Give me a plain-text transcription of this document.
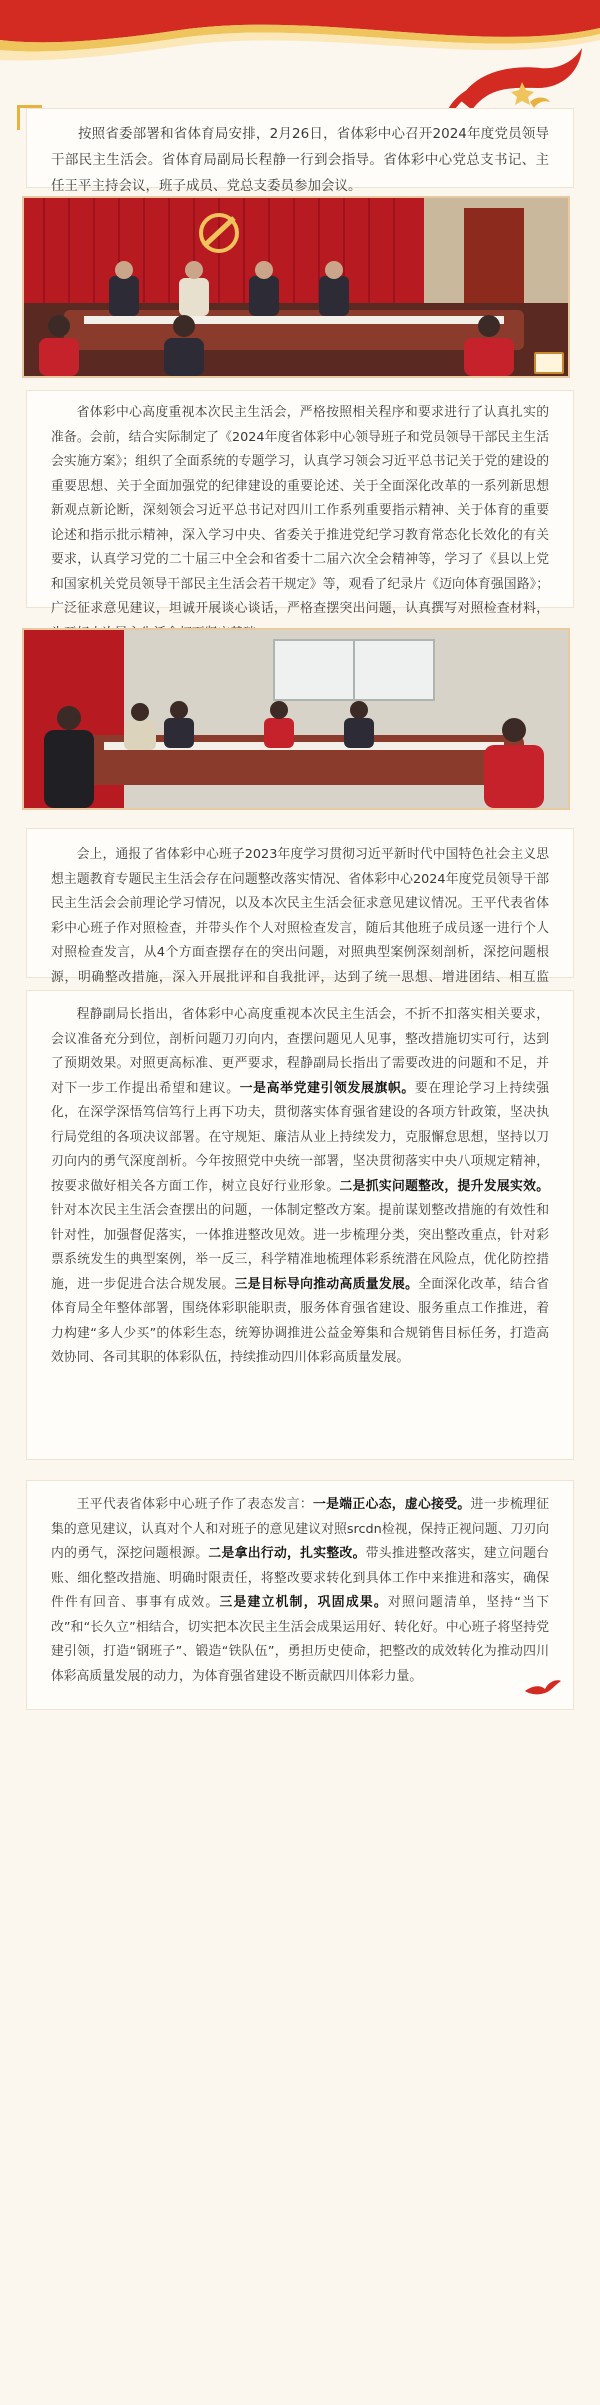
按照省委部署和省体育局安排，2月26日，省体彩中心召开2024年度党员领导干部民主生活会。省体育局副局长程静一行到会指导。省体彩中心党总支书记、主任王平主持会议，班子成员、党总支委员参加会议。

省体彩中心高度重视本次民主生活会，严格按照相关程序和要求进行了认真扎实的准备。会前，结合实际制定了《2024年度省体彩中心领导班子和党员领导干部民主生活会实施方案》；组织了全面系统的专题学习，认真学习领会习近平总书记关于党的建设的重要思想、关于全面加强党的纪律建设的重要论述、关于全面深化改革的一系列新思想新观点新论断，深刻领会习近平总书记对四川工作系列重要指示精神、关于体育的重要论述和指示批示精神，深入学习中央、省委关于推进党纪学习教育常态化长效化的有关要求，认真学习党的二十届三中全会和省委十二届六次全会精神等，学习了《县以上党和国家机关党员领导干部民主生活会若干规定》等，观看了纪录片《迈向体育强国路》；广泛征求意见建议，坦诚开展谈心谈话，严格查摆突出问题，认真撰写对照检查材料，

会上，通报了省体彩中心班子2023年度学习贯彻习近平新时代中国特色社会主义思想主题教育专题民主生活会存在问题整改落实情况、省体彩中心2024年度党员领导干部民主生活会会前理论学习情况，以及本次民主生活会征求意见建议情况。王平代表省体彩中心班子作对照检查，并带头作个人对照检查发言，随后其他班子成员逐一进行个人对照检查发言，从4个方面查摆存在的突出问题，对照典型案例深刻剖析，深挖问题根源，明确整改措施，深入开展批评和自我批评，达到了统一思想、增进团结、相互监

程静副局长指出，省体彩中心高度重视本次民主生活会，不折不扣落实相关要求，会议准备充分到位，剖析问题刀刃向内，查摆问题见人见事，整改措施切实可行，达到了预期效果。对照更高标准、更严要求，程静副局长指出了需要改进的问题和不足，并对下一步工作提出希望和建议。一是高举党建引领发展旗帜。要在理论学习上持续强化，在深学深悟笃信笃行上再下功夫，贯彻落实体育强省建设的各项方针政策，坚决执行局党组的各项决议部署。在守规矩、廉洁从业上持续发力，克服懈怠思想，坚持以刀刃向内的勇气深度剖析。今年按照党中央统一部署，坚决贯彻落实中央八项规定精神，按要求做好相关各方面工作，树立良好行业形象。二是抓实问题整改，提升发展实效。针对本次民主生活会查摆出的问题，一体制定整改方案。提前谋划整改措施的有效性和针对性，加强督促落实，一体推进整改见效。进一步梳理分类，突出整改重点，针对彩票系统发生的典型案例，举一反三，科学精准地梳理体彩系统潜在风险点，优化防控措施，进一步促进合法合规发展。三是目标导向推动高质量发展。全面深化改革，结合省体育局全年整体部署，围绕体彩职能职责，服务体育强省建设、服务重点工作推进，着力构建“多人少买”的体彩生态，统筹协调推进公益金筹集和合规销售目标任务，打造高效协同、各司其职的体彩队伍，持续推动四川体彩高质量发展。

王平代表省体彩中心班子作了表态发言：一是端正心态，虚心接受。进一步梳理征集的意见建议，认真对个人和对班子的意见建议对照srcdn检视，保持正视问题、刀刃向内的勇气，深挖问题根源。二是拿出行动，扎实整改。带头推进整改落实，建立问题台账、细化整改措施、明确时限责任，将整改要求转化到具体工作中来推进和落实，确保件件有回音、事事有成效。三是建立机制，巩固成果。对照问题清单，坚持“当下改”和“长久立”相结合，切实把本次民主生活会成果运用好、转化好。中心班子将坚持党建引领，打造“钢班子”、锻造“铁队伍”，勇担历史使命，把整改的成效转化为推动四川体彩高质量发展的动力，为体育强省建设不断贡献四川体彩力量。
